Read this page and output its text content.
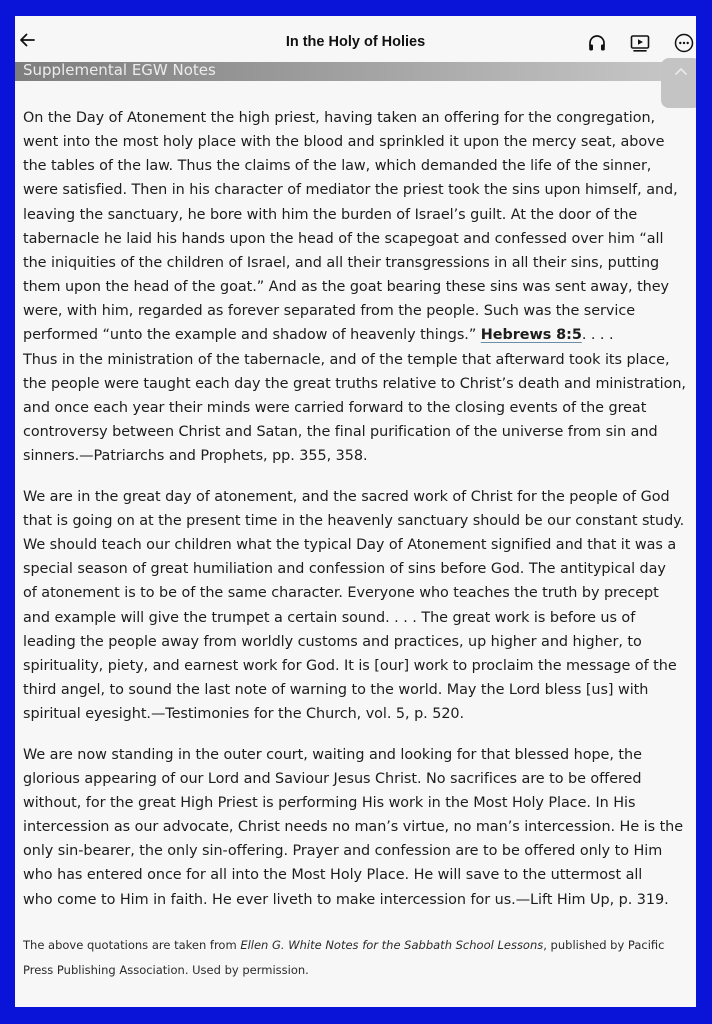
In the Holy of Holies
Supplemental EGW Notes
On the Day of Atonement the high priest, having taken an offering for the congregation,
went into the most holy place with the blood and sprinkled it upon the mercy seat, above
the tables of the law. Thus the claims of the law, which demanded the life of the sinner,
were satisfied. Then in his character of mediator the priest took the sins upon himself, and,
leaving the sanctuary, he bore with him the burden of Israel’s guilt. At the door of the
tabernacle he laid his hands upon the head of the scapegoat and confessed over him “all
the iniquities of the children of Israel, and all their transgressions in all their sins, putting
them upon the head of the goat.” And as the goat bearing these sins was sent away, they
were, with him, regarded as forever separated from the people. Such was the service
performed “unto the example and shadow of heavenly things.” Hebrews 8:5. . . .
Thus in the ministration of the tabernacle, and of the temple that afterward took its place,
the people were taught each day the great truths relative to Christ’s death and ministration,
and once each year their minds were carried forward to the closing events of the great
controversy between Christ and Satan, the final purification of the universe from sin and
sinners.—Patriarchs and Prophets, pp. 355, 358.
We are in the great day of atonement, and the sacred work of Christ for the people of God
that is going on at the present time in the heavenly sanctuary should be our constant study.
We should teach our children what the typical Day of Atonement signified and that it was a
special season of great humiliation and confession of sins before God. The antitypical day
of atonement is to be of the same character. Everyone who teaches the truth by precept
and example will give the trumpet a certain sound. . . . The great work is before us of
leading the people away from worldly customs and practices, up higher and higher, to
spirituality, piety, and earnest work for God. It is [our] work to proclaim the message of the
third angel, to sound the last note of warning to the world. May the Lord bless [us] with
spiritual eyesight.—Testimonies for the Church, vol. 5, p. 520.
We are now standing in the outer court, waiting and looking for that blessed hope, the
glorious appearing of our Lord and Saviour Jesus Christ. No sacrifices are to be offered
without, for the great High Priest is performing His work in the Most Holy Place. In His
intercession as our advocate, Christ needs no man’s virtue, no man’s intercession. He is the
only sin-bearer, the only sin-offering. Prayer and confession are to be offered only to Him
who has entered once for all into the Most Holy Place. He will save to the uttermost all
who come to Him in faith. He ever liveth to make intercession for us.—Lift Him Up, p. 319.
The above quotations are taken from Ellen G. White Notes for the Sabbath School Lessons, published by Pacific
Press Publishing Association. Used by permission.
